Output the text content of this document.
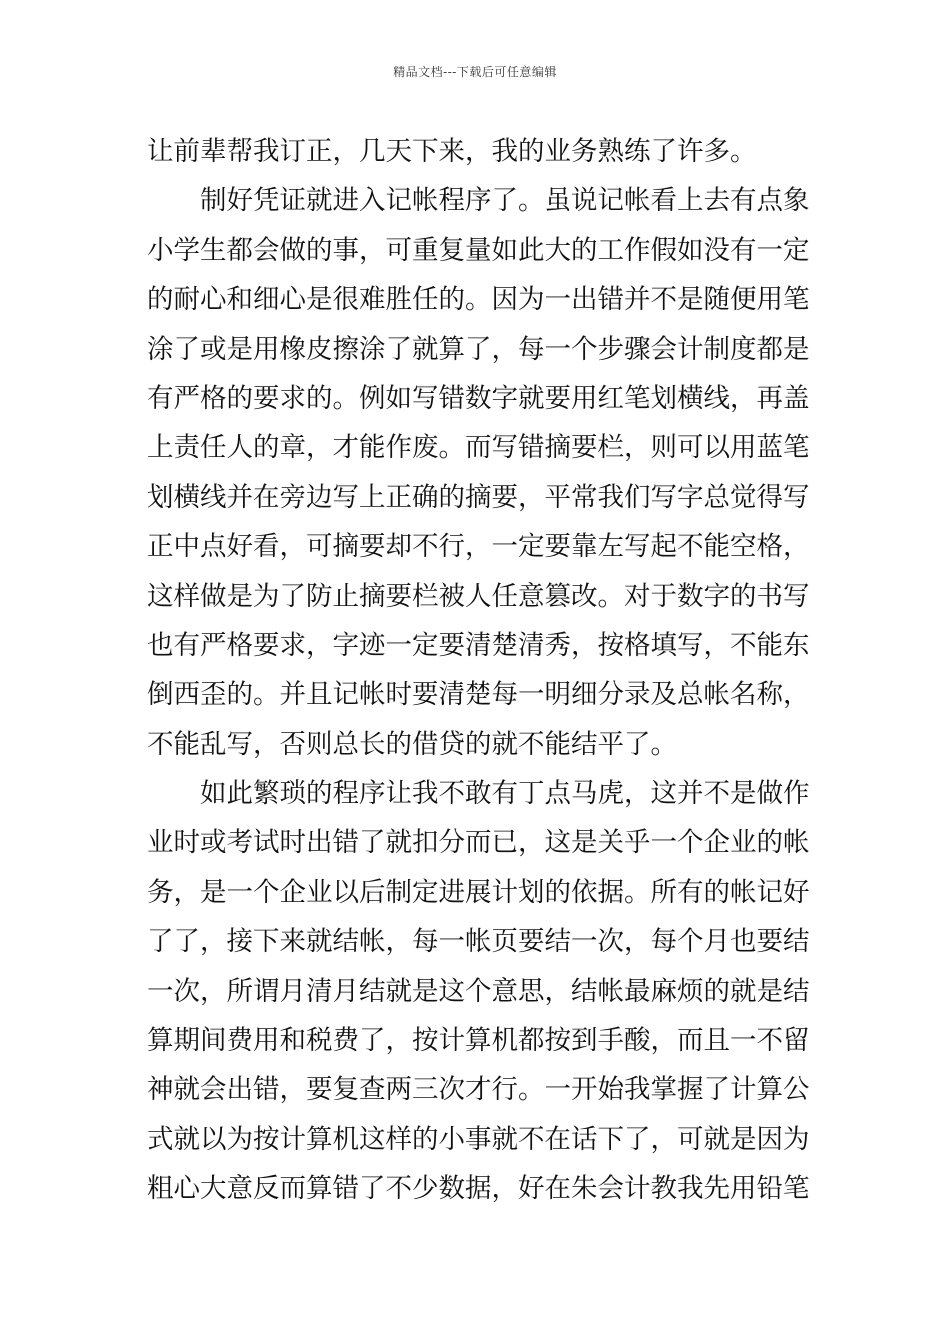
精品文档---下载后可任意编辑
让前辈帮我订正，几天下来，我的业务熟练了许多。
制好凭证就进入记帐程序了。虽说记帐看上去有点象
小学生都会做的事，可重复量如此大的工作假如没有一定
的耐心和细心是很难胜任的。因为一出错并不是随便用笔
涂了或是用橡皮擦涂了就算了，每一个步骤会计制度都是
有严格的要求的。例如写错数字就要用红笔划横线，再盖
上责任人的章，才能作废。而写错摘要栏，则可以用蓝笔
划横线并在旁边写上正确的摘要，平常我们写字总觉得写
正中点好看，可摘要却不行，一定要靠左写起不能空格，
这样做是为了防止摘要栏被人任意篡改。对于数字的书写
也有严格要求，字迹一定要清楚清秀，按格填写，不能东
倒西歪的。并且记帐时要清楚每一明细分录及总帐名称，
不能乱写，否则总长的借贷的就不能结平了。
如此繁琐的程序让我不敢有丁点马虎，这并不是做作
业时或考试时出错了就扣分而已，这是关乎一个企业的帐
务，是一个企业以后制定进展计划的依据。所有的帐记好
了了，接下来就结帐，每一帐页要结一次，每个月也要结
一次，所谓月清月结就是这个意思，结帐最麻烦的就是结
算期间费用和税费了，按计算机都按到手酸，而且一不留
神就会出错，要复查两三次才行。一开始我掌握了计算公
式就以为按计算机这样的小事就不在话下了，可就是因为
粗心大意反而算错了不少数据，好在朱会计教我先用铅笔
